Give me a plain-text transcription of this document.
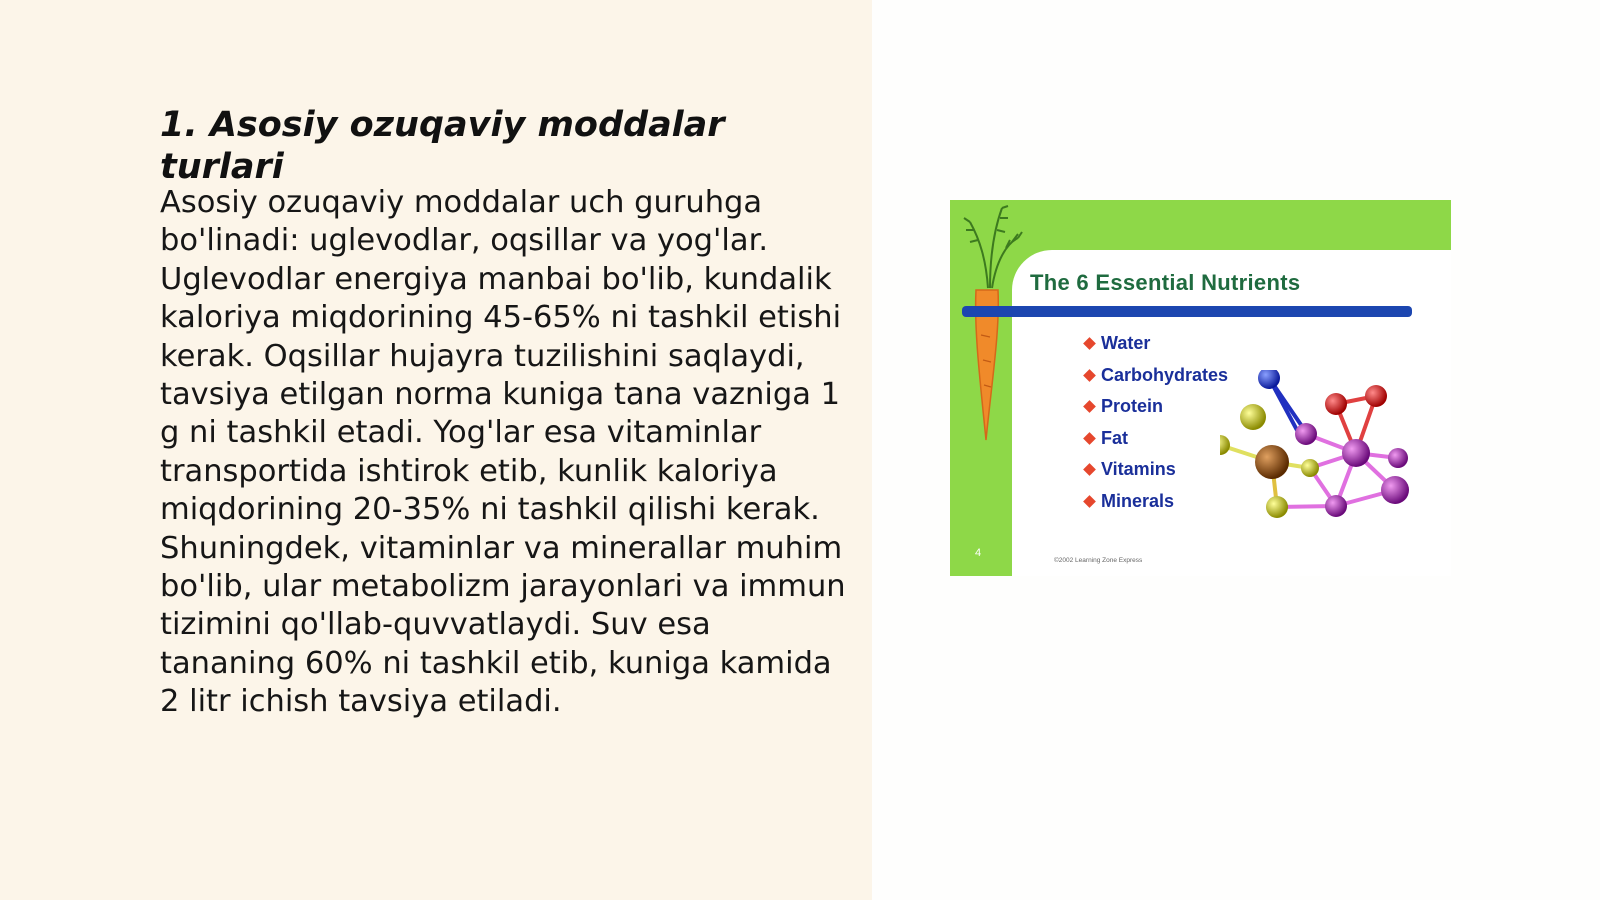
1. Asosiy ozuqaviy moddalar turlari

Asosiy ozuqaviy moddalar uch guruhga bo'linadi: uglevodlar, oqsillar va yog'lar. Uglevodlar energiya manbai bo'lib, kundalik kaloriya miqdorining 45-65% ni tashkil etishi kerak. Oqsillar hujayra tuzilishini saqlaydi, tavsiya etilgan norma kuniga tana vazniga 1 g ni tashkil etadi. Yog'lar esa vitaminlar transportida ishtirok etib, kunlik kaloriya miqdorining 20-35% ni tashkil qilishi kerak. Shuningdek, vitaminlar va minerallar muhim bo'lib, ular metabolizm jarayonlari va immun tizimini qo'llab-quvvatlaydi. Suv esa tananing 60% ni tashkil etib, kuniga kamida 2 litr ichish tavsiya etiladi.

The 6 Essential Nutrients
Water
Carbohydrates
Protein
Fat
Vitamins
Minerals
4
©2002 Learning Zone Express
